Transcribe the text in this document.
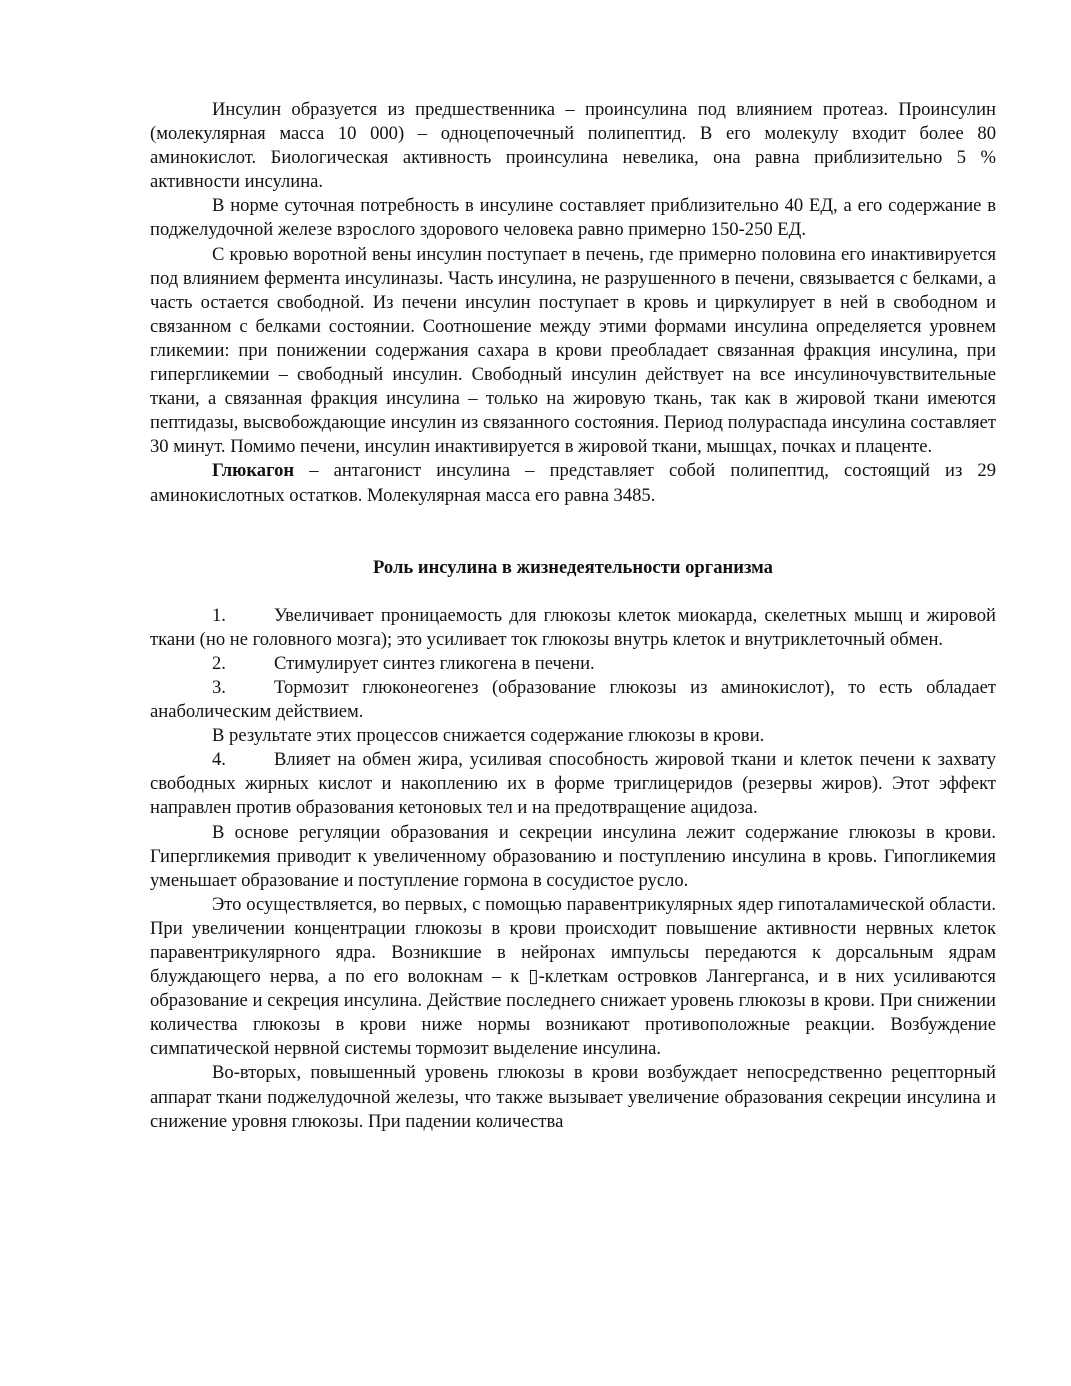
Инсулин образуется из предшественника – проинсулина под влиянием протеаз. Проинсулин (молекулярная масса 10 000) – одноцепочечный полипептид. В его молекулу входит более 80 аминокислот. Биологическая активность проинсулина невелика, она равна приблизительно 5 % активности инсулина.

В норме суточная потребность в инсулине составляет приблизительно 40 ЕД, а его содержание в поджелудочной железе взрослого здорового человека равно примерно 150-250 ЕД.

С кровью воротной вены инсулин поступает в печень, где примерно половина его инактивируется под влиянием фермента инсулиназы. Часть инсулина, не разрушенного в печени, связывается с белками, а часть остается свободной. Из печени инсулин поступает в кровь и циркулирует в ней в свободном и связанном с белками состоянии. Соотношение между этими формами инсулина определяется уровнем гликемии: при понижении содержания сахара в крови преобладает связанная фракция инсулина, при гипергликемии – свободный инсулин. Свободный инсулин действует на все инсулиночувствительные ткани, а связанная фракция инсулина – только на жировую ткань, так как в жировой ткани имеются пептидазы, высвобождающие инсулин из связанного состояния. Период полураспада инсулина составляет 30 минут. Помимо печени, инсулин инактивируется в жировой ткани, мышцах, почках и плаценте.

Глюкагон – антагонист инсулина – представляет собой полипептид, состоящий из 29 аминокислотных остатков. Молекулярная масса его равна 3485.

Роль инсулина в жизнедеятельности организма

1.	Увеличивает проницаемость для глюкозы клеток миокарда, скелетных мышц и жировой ткани (но не головного мозга); это усиливает ток глюкозы внутрь клеток и внутриклеточный обмен.

2.	Стимулирует синтез гликогена в печени.

3.	Тормозит глюконеогенез (образование глюкозы из аминокислот), то есть обладает анаболическим действием.

В результате этих процессов снижается содержание глюкозы в крови.

4.	Влияет на обмен жира, усиливая способность жировой ткани и клеток печени к захвату свободных жирных кислот и накоплению их в форме триглицеридов (резервы жиров). Этот эффект направлен против образования кетоновых тел и на предотвращение ацидоза.

В основе регуляции образования и секреции инсулина лежит содержание глюкозы в крови. Гипергликемия приводит к увеличенному образованию и поступлению инсулина в кровь. Гипогликемия уменьшает образование и поступление гормона в сосудистое русло.

Это осуществляется, во первых, с помощью паравентрикулярных ядер гипоталамической области. При увеличении концентрации глюкозы в крови происходит повышение активности нервных клеток паравентрикулярного ядра. Возникшие в нейронах импульсы передаются к дорсальным ядрам блуждающего нерва, а по его волокнам – к ▯-клеткам островков Лангерганса, и в них усиливаются образование и секреция инсулина. Действие последнего снижает уровень глюкозы в крови. При снижении количества глюкозы в крови ниже нормы возникают противоположные реакции. Возбуждение симпатической нервной системы тормозит выделение инсулина.

Во-вторых, повышенный уровень глюкозы в крови возбуждает непосредственно рецепторный аппарат ткани поджелудочной железы, что также вызывает увеличение образования секреции инсулина и снижение уровня глюкозы. При падении количества
